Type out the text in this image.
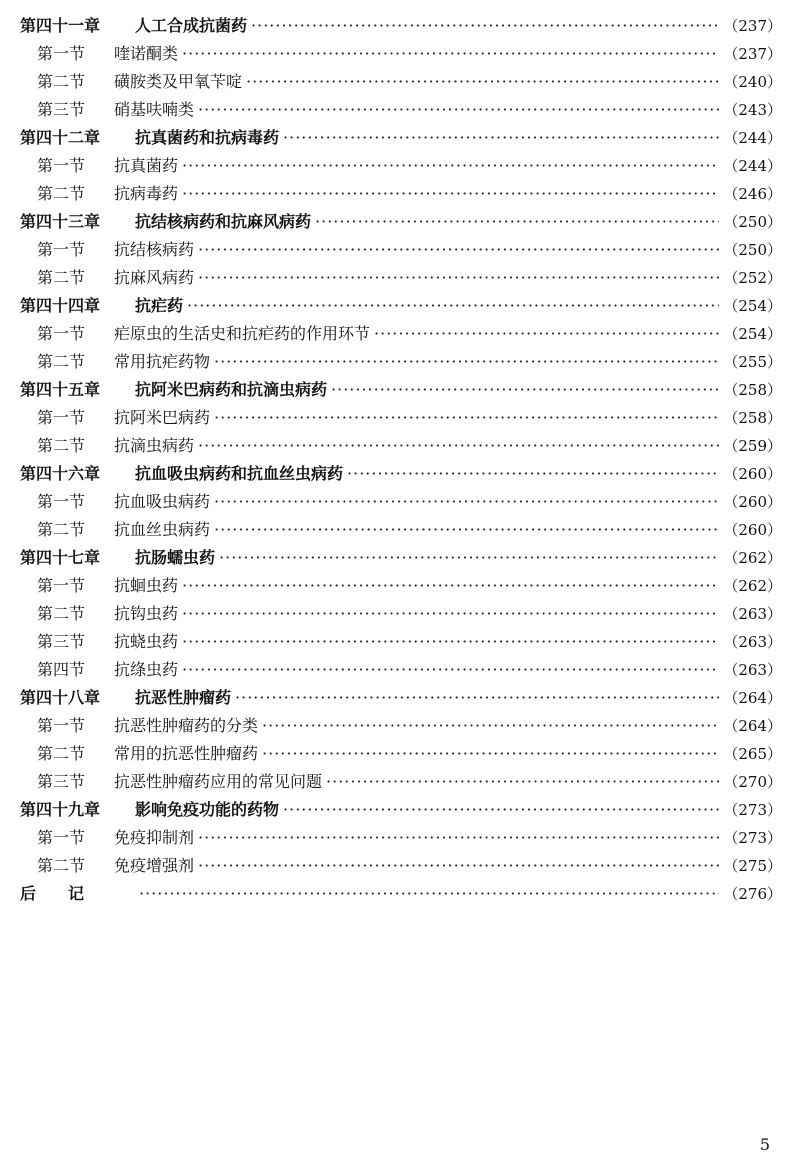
第四十一章	人工合成抗菌药 ·····	（237）
第一节	喹诺酮类 ·····	（237）
第二节	磺胺类及甲氧苄啶 ·····	（240）
第三节	硝基呋喃类 ·····	（243）
第四十二章	抗真菌药和抗病毒药 ·····	（244）
第一节	抗真菌药 ·····	（244）
第二节	抗病毒药 ·····	（246）
第四十三章	抗结核病药和抗麻风病药 ·····	（250）
第一节	抗结核病药 ·····	（250）
第二节	抗麻风病药 ·····	（252）
第四十四章	抗疟药 ·····	（254）
第一节	疟原虫的生活史和抗疟药的作用环节 ·····	（254）
第二节	常用抗疟药物 ·····	（255）
第四十五章	抗阿米巴病药和抗滴虫病药 ·····	（258）
第一节	抗阿米巴病药 ·····	（258）
第二节	抗滴虫病药 ·····	（259）
第四十六章	抗血吸虫病药和抗血丝虫病药 ·····	（260）
第一节	抗血吸虫病药 ·····	（260）
第二节	抗血丝虫病药 ·····	（260）
第四十七章	抗肠蠕虫药 ·····	（262）
第一节	抗蛔虫药 ·····	（262）
第二节	抗钩虫药 ·····	（263）
第三节	抗蛲虫药 ·····	（263）
第四节	抗绦虫药 ·····	（263）
第四十八章	抗恶性肿瘤药 ·····	（264）
第一节	抗恶性肿瘤药的分类 ·····	（264）
第二节	常用的抗恶性肿瘤药 ·····	（265）
第三节	抗恶性肿瘤药应用的常见问题 ·····	（270）
第四十九章	影响免疫功能的药物 ·····	（273）
第一节	免疫抑制剂 ·····	（273）
第二节	免疫增强剂 ·····	（275）
后　　记 ·····	（276）
5
